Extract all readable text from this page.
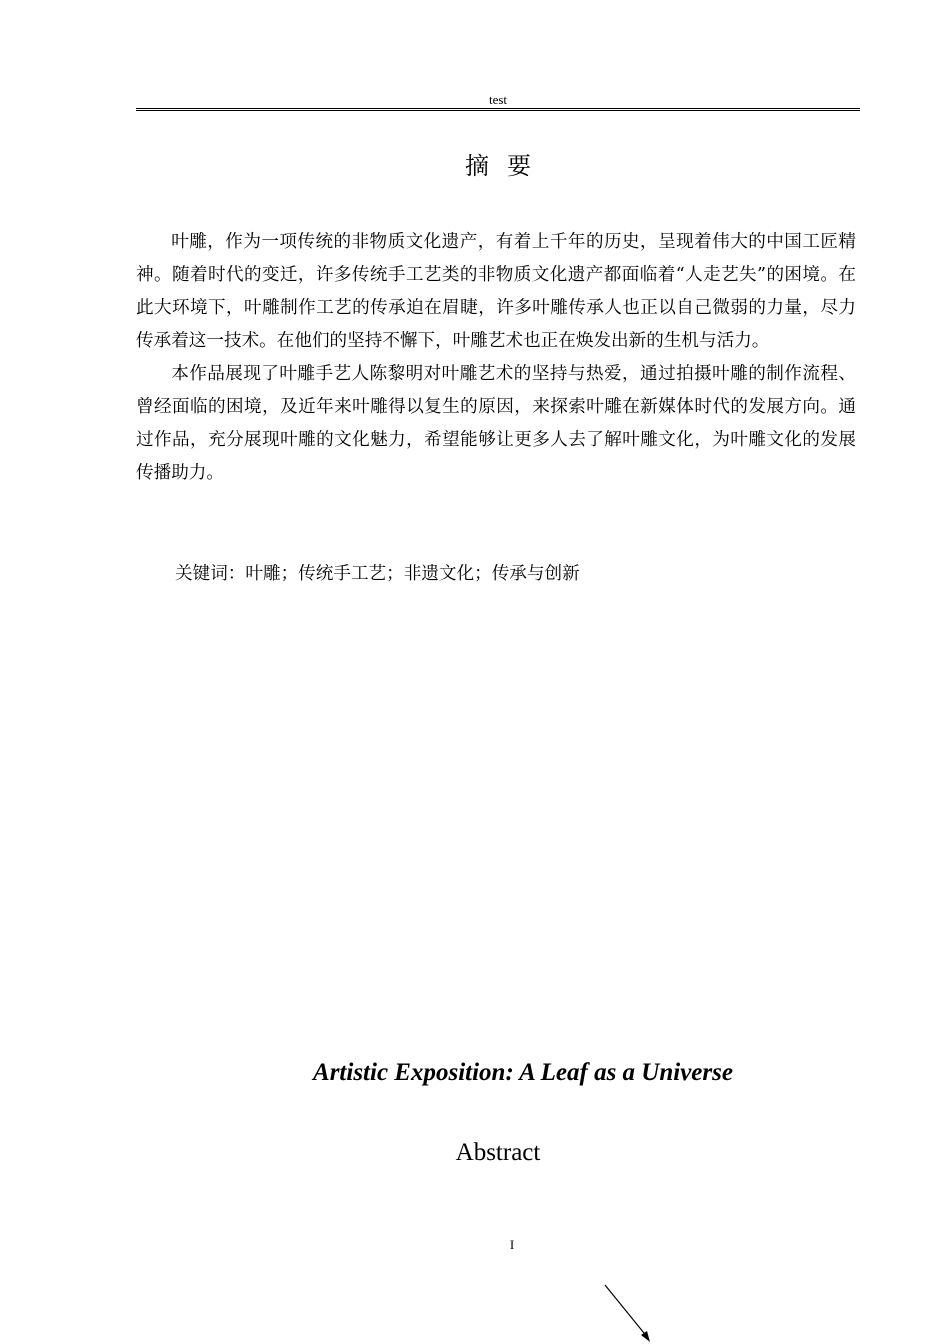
test
摘要

叶雕，作为一项传统的非物质文化遗产，有着上千年的历史，呈现着伟大的中国工匠精神。随着时代的变迁，许多传统手工艺类的非物质文化遗产都面临着“人走艺失”的困境。在此大环境下，叶雕制作工艺的传承迫在眉睫，许多叶雕传承人也正以自己微弱的力量，尽力传承着这一技术。在他们的坚持不懈下，叶雕艺术也正在焕发出新的生机与活力。

本作品展现了叶雕手艺人陈黎明对叶雕艺术的坚持与热爱，通过拍摄叶雕的制作流程、曾经面临的困境，及近年来叶雕得以复生的原因，来探索叶雕在新媒体时代的发展方向。通过作品，充分展现叶雕的文化魅力，希望能够让更多人去了解叶雕文化，为叶雕文化的发展传播助力。

关键词：叶雕；传统手工艺；非遗文化；传承与创新
Artistic Exposition: A Leaf as a Universe
Abstract
I
